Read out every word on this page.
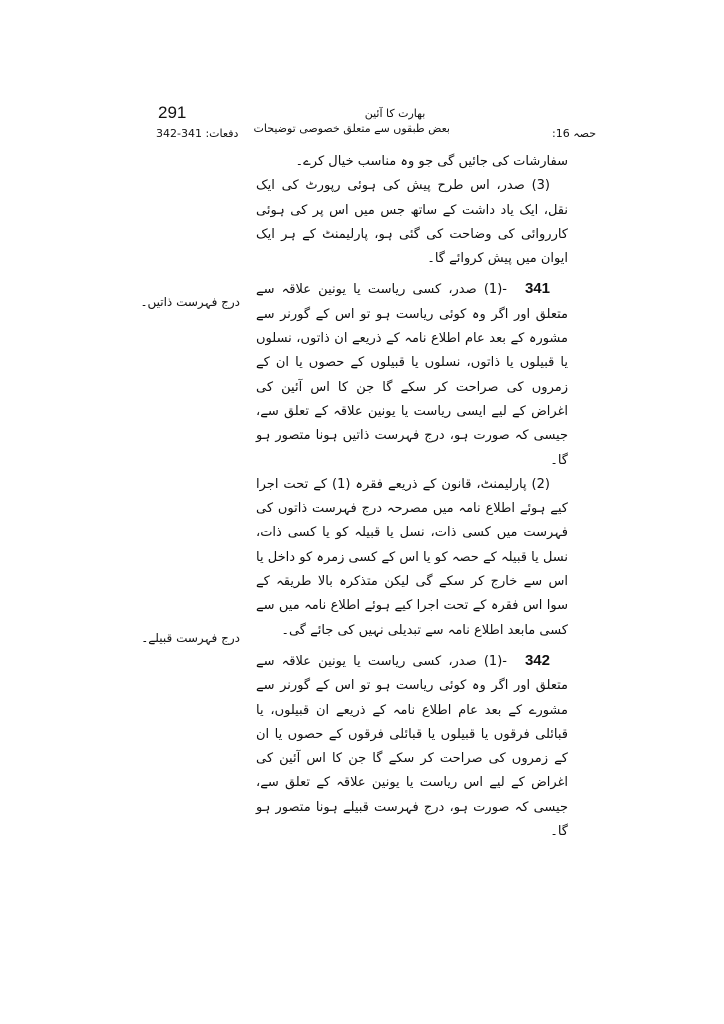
291	بھارت کا آئین
بعض طبقوں سے متعلق خصوصی توضیحات
دفعات: 341-342	حصہ 16:
درج فہرست ذاتیں۔
درج فہرست قبیلے۔

سفارشات کی جائیں گی جو وہ مناسب خیال کرے۔

(3) صدر، اس طرح پیش کی ہوئی رپورٹ کی ایک نقل، ایک یاد داشت کے ساتھ جس میں اس پر کی ہوئی کارروائی کی وضاحت کی گئی ہو، پارلیمنٹ کے ہر ایک ایوان میں پیش کروائے گا۔

341-(1) صدر، کسی ریاست یا یونین علاقہ سے متعلق اور اگر وہ کوئی ریاست ہو تو اس کے گورنر سے مشورہ کے بعد عام اطلاع نامہ کے ذریعے ان ذاتوں، نسلوں یا قبیلوں یا ذاتوں، نسلوں یا قبیلوں کے حصوں یا ان کے زمروں کی صراحت کر سکے گا جن کا اس آئین کی اغراض کے لیے ایسی ریاست یا یونین علاقہ کے تعلق سے، جیسی کہ صورت ہو، درج فہرست ذاتیں ہونا متصور ہو گا۔

(2) پارلیمنٹ، قانون کے ذریعے فقرہ (1) کے تحت اجرا کیے ہوئے اطلاع نامہ میں مصرحہ درج فہرست ذاتوں کی فہرست میں کسی ذات، نسل یا قبیلہ کو یا کسی ذات، نسل یا قبیلہ کے حصہ کو یا اس کے کسی زمرہ کو داخل یا اس سے خارج کر سکے گی لیکن متذکرہ بالا طریقہ کے سوا اس فقرہ کے تحت اجرا کیے ہوئے اطلاع نامہ میں سے کسی مابعد اطلاع نامہ سے تبدیلی نہیں کی جائے گی۔

342-(1) صدر، کسی ریاست یا یونین علاقہ سے متعلق اور اگر وہ کوئی ریاست ہو تو اس کے گورنر سے مشورے کے بعد عام اطلاع نامہ کے ذریعے ان قبیلوں، یا قبائلی فرقوں یا قبیلوں یا قبائلی فرقوں کے حصوں یا ان کے زمروں کی صراحت کر سکے گا جن کا اس آئین کی اغراض کے لیے اس ریاست یا یونین علاقہ کے تعلق سے، جیسی کہ صورت ہو، درج فہرست قبیلے ہونا متصور ہو گا۔
